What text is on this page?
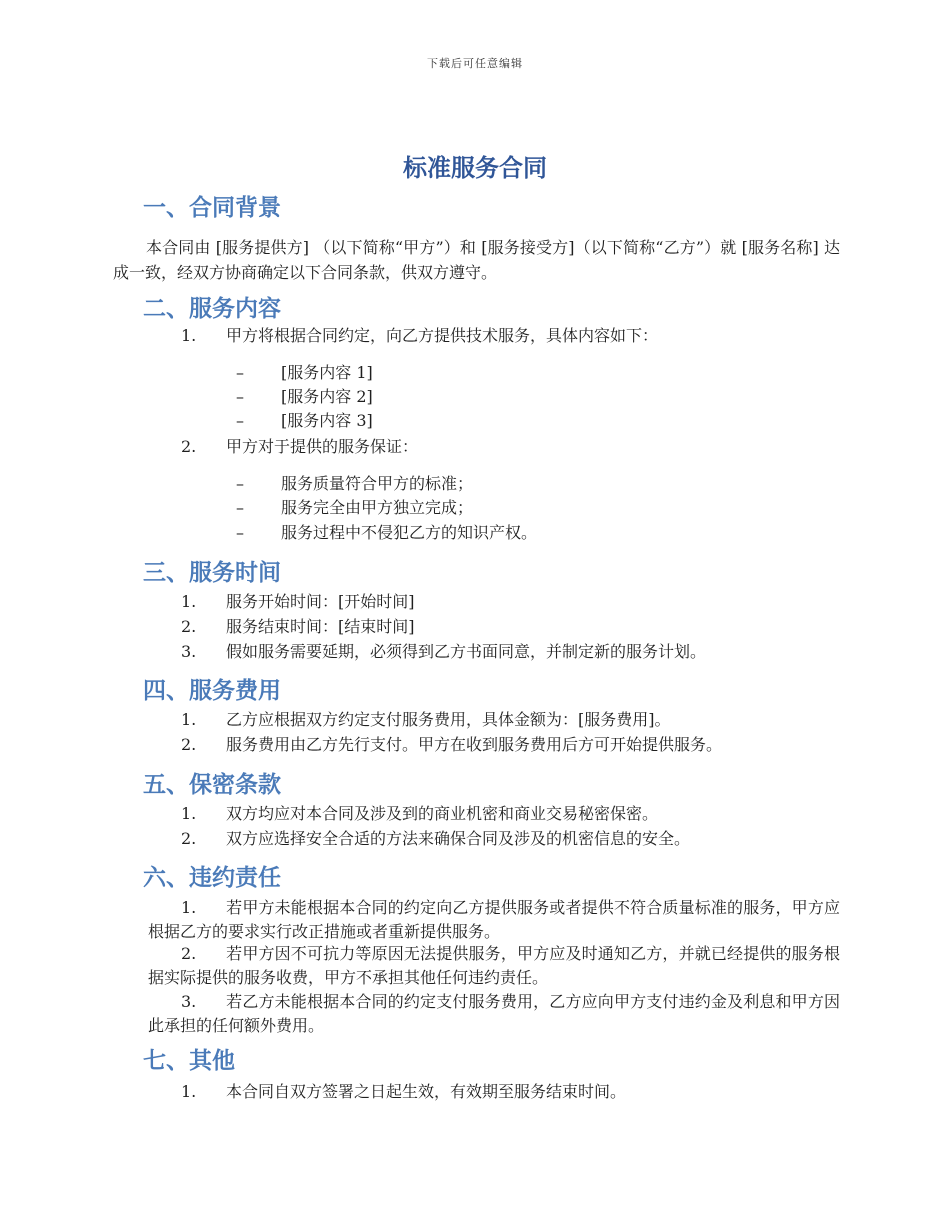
下载后可任意编辑
标准服务合同
一、合同背景

本合同由 [服务提供方] （以下简称“甲方”）和 [服务接受方]（以下简称“乙方”）就 [服务名称] 达成一致，经双方协商确定以下合同条款，供双方遵守。

二、服务内容
1. 甲方将根据合同约定，向乙方提供技术服务，具体内容如下：
– [服务内容 1]
– [服务内容 2]
– [服务内容 3]
2. 甲方对于提供的服务保证：
– 服务质量符合甲方的标准；
– 服务完全由甲方独立完成；
– 服务过程中不侵犯乙方的知识产权。
三、服务时间
1. 服务开始时间：[开始时间]
2. 服务结束时间：[结束时间]
3. 假如服务需要延期，必须得到乙方书面同意，并制定新的服务计划。
四、服务费用
1. 乙方应根据双方约定支付服务费用，具体金额为：[服务费用]。
2. 服务费用由乙方先行支付。甲方在收到服务费用后方可开始提供服务。
五、保密条款
1. 双方均应对本合同及涉及到的商业机密和商业交易秘密保密。
2. 双方应选择安全合适的方法来确保合同及涉及的机密信息的安全。
六、违约责任
1. 若甲方未能根据本合同的约定向乙方提供服务或者提供不符合质量标准的服务，甲方应根据乙方的要求实行改正措施或者重新提供服务。
2. 若甲方因不可抗力等原因无法提供服务，甲方应及时通知乙方，并就已经提供的服务根据实际提供的服务收费，甲方不承担其他任何违约责任。
3. 若乙方未能根据本合同的约定支付服务费用，乙方应向甲方支付违约金及利息和甲方因此承担的任何额外费用。
七、其他
1. 本合同自双方签署之日起生效，有效期至服务结束时间。
